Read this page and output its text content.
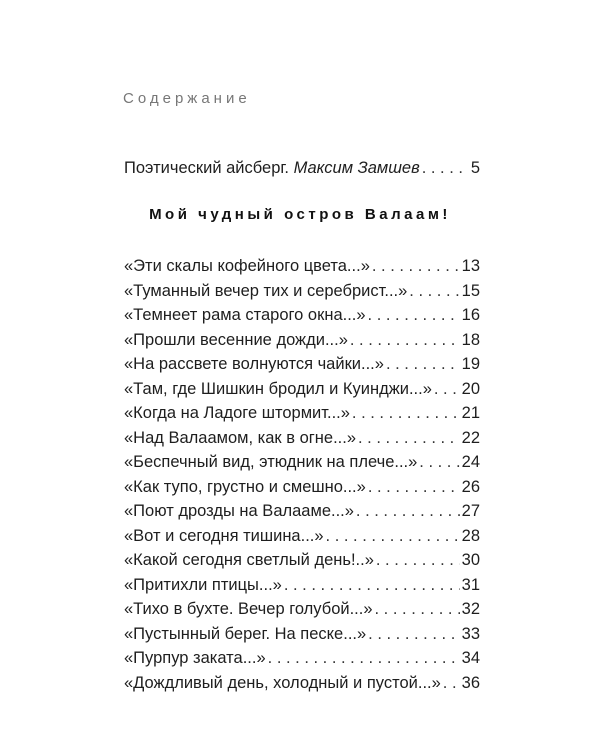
Содержание
Поэтический айсберг. Максим Замшев . . .	5
Мой чудный остров Валаам!
«Эти скалы кофейного цвета...» . . .	13
«Туманный вечер тих и серебрист...» . . .	15
«Темнеет рама старого окна...» . . .	16
«Прошли весенние дожди...» . . .	18
«На рассвете волнуются чайки...» . . .	19
«Там, где Шишкин бродил и Куинджи...» . . . 20
«Когда на Ладоге штормит...» . . .	21
«Над Валаамом, как в огне...» . . .	22
«Беспечный вид, этюдник на плече...» . . .	24
«Как тупо, грустно и смешно...» . . .	26
«Поют дрозды на Валааме...» . . .	27
«Вот и сегодня тишина...» . . .	28
«Какой сегодня светлый день!..» . . .	30
«Притихли птицы...» . . .	31
«Тихо в бухте. Вечер голубой...» . . .	32
«Пустынный берег. На песке...» . . .	33
«Пурпур заката...» . . .	34
«Дождливый день, холодный и пустой...» . . . 36
